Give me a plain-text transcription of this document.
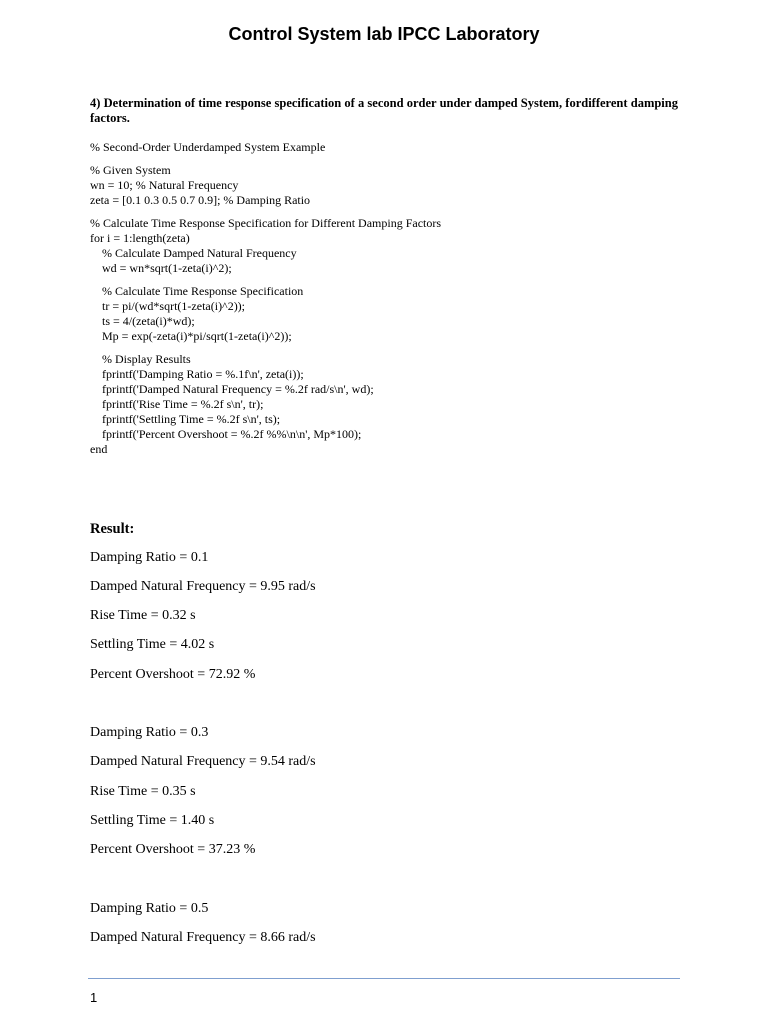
Control System lab IPCC Laboratory
4) Determination of time response specification of a second order under damped System, fordifferent damping factors.
% Second-Order Underdamped System Example
% Given System
wn = 10; % Natural Frequency
zeta = [0.1 0.3 0.5 0.7 0.9]; % Damping Ratio
% Calculate Time Response Specification for Different Damping Factors
for i = 1:length(zeta)
% Calculate Damped Natural Frequency
wd = wn*sqrt(1-zeta(i)^2);
% Calculate Time Response Specification
tr = pi/(wd*sqrt(1-zeta(i)^2));
ts = 4/(zeta(i)*wd);
Mp = exp(-zeta(i)*pi/sqrt(1-zeta(i)^2));
% Display Results
fprintf('Damping Ratio = %.1f\n', zeta(i));
fprintf('Damped Natural Frequency = %.2f rad/s\n', wd);
fprintf('Rise Time = %.2f s\n', tr);
fprintf('Settling Time = %.2f s\n', ts);
fprintf('Percent Overshoot = %.2f %%\n\n', Mp*100);
end
Result:
Damping Ratio = 0.1
Damped Natural Frequency = 9.95 rad/s
Rise Time = 0.32 s
Settling Time = 4.02 s
Percent Overshoot = 72.92 %
Damping Ratio = 0.3
Damped Natural Frequency = 9.54 rad/s
Rise Time = 0.35 s
Settling Time = 1.40 s
Percent Overshoot = 37.23 %
Damping Ratio = 0.5
Damped Natural Frequency = 8.66 rad/s
1
